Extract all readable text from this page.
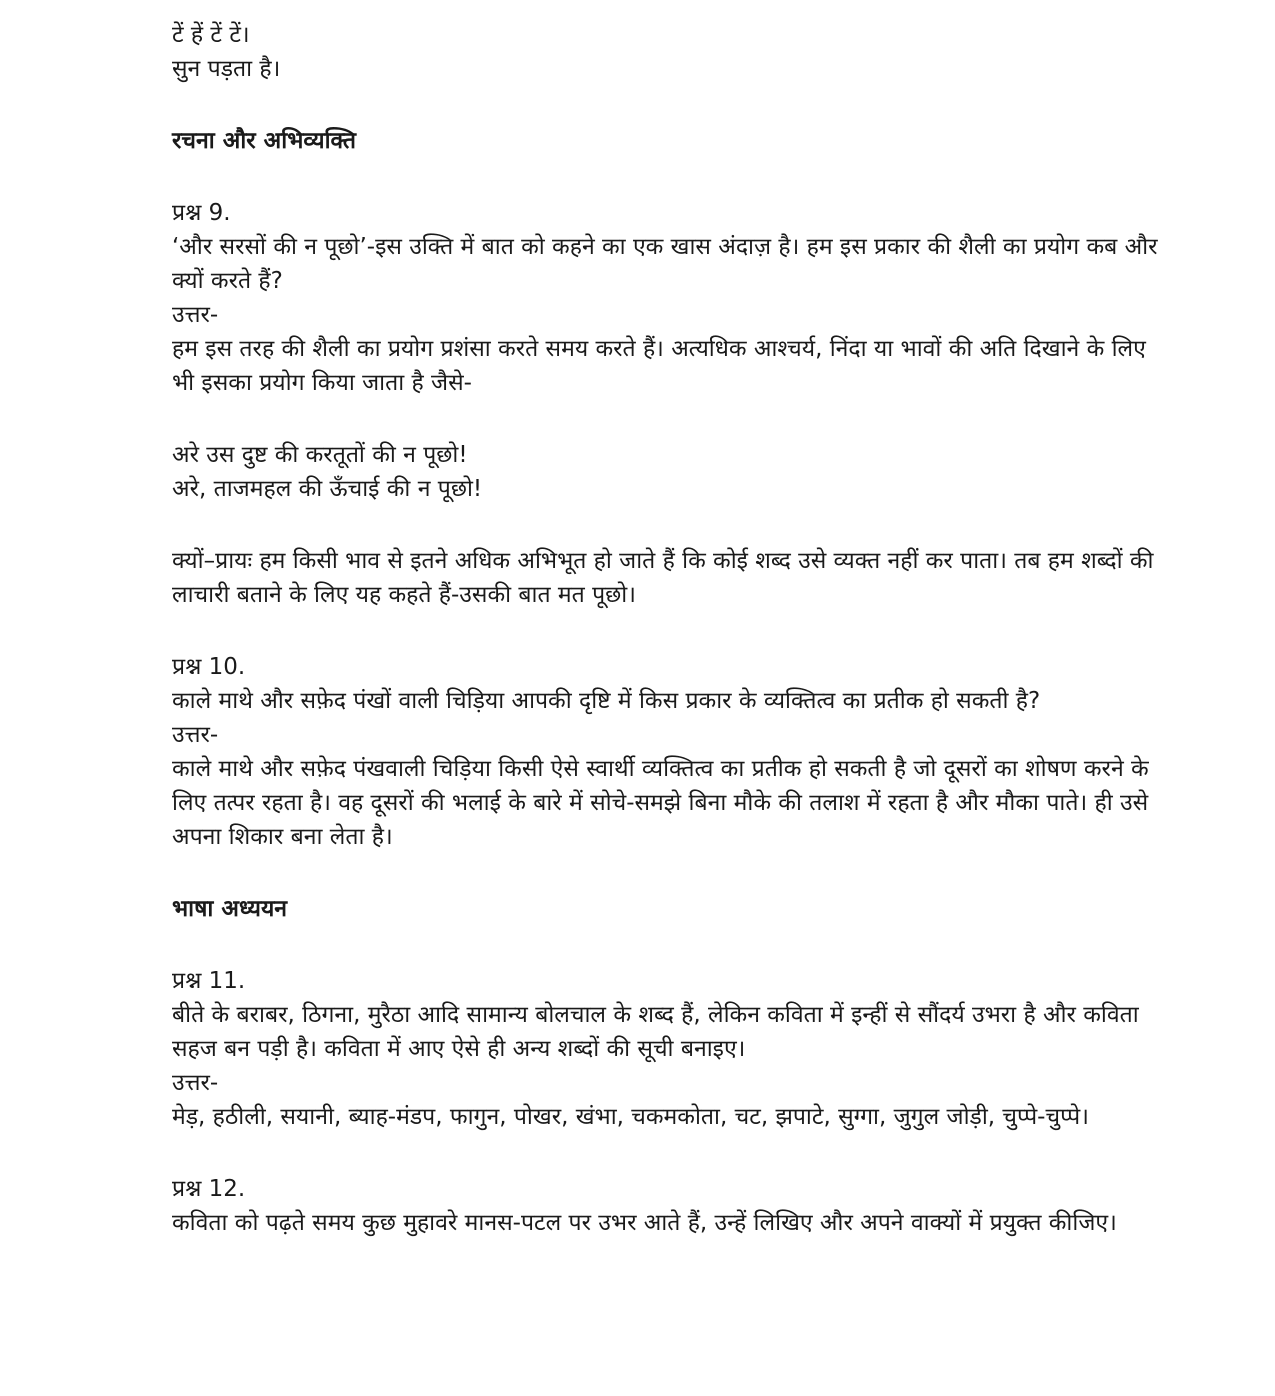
टें हें टें टें।
सुन पड़ता है।
रचना और अभिव्यक्ति
प्रश्न 9.
‘और सरसों की न पूछो’-इस उक्ति में बात को कहने का एक खास अंदाज़ है। हम इस प्रकार की शैली का प्रयोग कब और क्यों करते हैं?
उत्तर-
हम इस तरह की शैली का प्रयोग प्रशंसा करते समय करते हैं। अत्यधिक आश्चर्य, निंदा या भावों की अति दिखाने के लिए भी इसका प्रयोग किया जाता है जैसे-
अरे उस दुष्ट की करतूतों की न पूछो!
अरे, ताजमहल की ऊँचाई की न पूछो!
क्यों–प्रायः हम किसी भाव से इतने अधिक अभिभूत हो जाते हैं कि कोई शब्द उसे व्यक्त नहीं कर पाता। तब हम शब्दों की लाचारी बताने के लिए यह कहते हैं-उसकी बात मत पूछो।
प्रश्न 10.
काले माथे और सफ़ेद पंखों वाली चिड़िया आपकी दृष्टि में किस प्रकार के व्यक्तित्व का प्रतीक हो सकती है?
उत्तर-
काले माथे और सफ़ेद पंखवाली चिड़िया किसी ऐसे स्वार्थी व्यक्तित्व का प्रतीक हो सकती है जो दूसरों का शोषण करने के लिए तत्पर रहता है। वह दूसरों की भलाई के बारे में सोचे-समझे बिना मौके की तलाश में रहता है और मौका पाते। ही उसे अपना शिकार बना लेता है।
भाषा अध्ययन
प्रश्न 11.
बीते के बराबर, ठिगना, मुरैठा आदि सामान्य बोलचाल के शब्द हैं, लेकिन कविता में इन्हीं से सौंदर्य उभरा है और कविता सहज बन पड़ी है। कविता में आए ऐसे ही अन्य शब्दों की सूची बनाइए।
उत्तर-
मेड़, हठीली, सयानी, ब्याह-मंडप, फागुन, पोखर, खंभा, चकमकोता, चट, झपाटे, सुग्गा, जुगुल जोड़ी, चुप्पे-चुप्पे।
प्रश्न 12.
कविता को पढ़ते समय कुछ मुहावरे मानस-पटल पर उभर आते हैं, उन्हें लिखिए और अपने वाक्यों में प्रयुक्त कीजिए।
